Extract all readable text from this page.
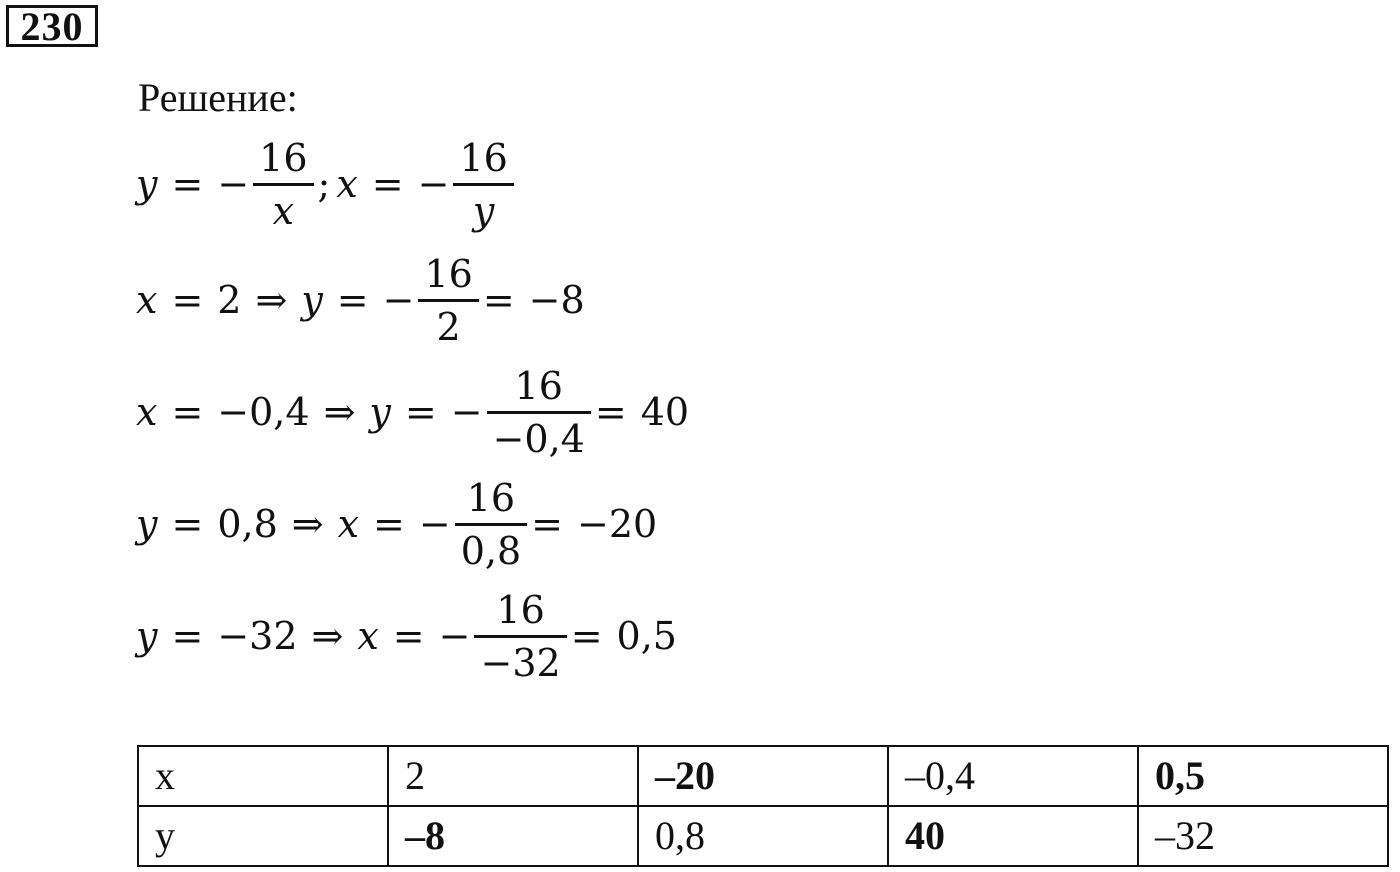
230
Решение:
y = − $\frac{16}{x}$ ; x = − $\frac{16}{y}$
x = 2 ⇒ y = − $\frac{16}{2} = -8$
x = −0,4 ⇒ y = − $\frac{16}{-0,4} = 40$
y = 0,8 ⇒ x = − $\frac{16}{0,8} = -20$
y = −32 ⇒ x = − $\frac{16}{-32} = 0,5$
x	2	–20	–0,4	0,5
y	–8	0,8	40	–32
